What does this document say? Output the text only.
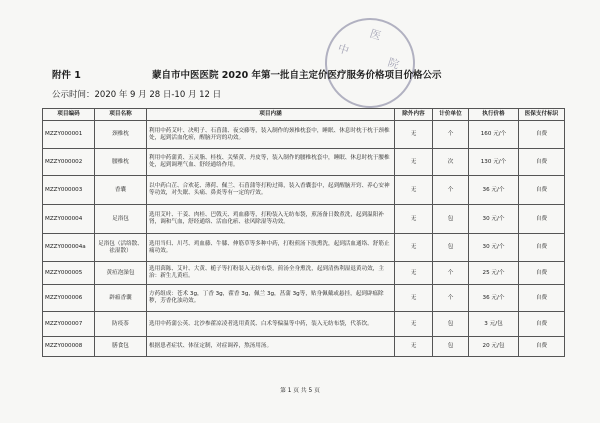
中
医
院
附件 1	蒙自市中医医院 2020 年第一批自主定价医疗服务价格项目价格公示
公示时间：2020 年 9 月 28 日-10 月 12 日
项目编码	项目名称	项目内涵	除外内容	计价单位	执行价格	医保支付标识
MZZY000001	颈椎枕	利用中药艾叶、决明子、石菖蒲、夜交藤等，装入制作的颈椎枕套中，睡眠、休息时枕于枕于颈椎处，起到活血化瘀，醒脑开窍的功效。	无	个	160 元/个	自费
MZZY000002	腰椎枕	利用中药蒲黄、五灵脂、桂枝、关柴黄、丹皮等，装入制作的腰椎枕套中，睡眠、休息时枕于腰椎处，起到调理气血、舒经通络作用。	无	次	130 元/个	自费
MZZY000003	香囊	以中药白芷、合欢花、薄荷、佩兰、石菖蒲等打粉过筛，装入香囊套中，起到醒脑开窍、养心安神等功效，对失眠、头痛、鼻炎等有一定的疗效。	无	个	36 元/个	自费
MZZY000004	足浴包	选用艾叶、干姜、肉桂、巴戟天、鸡血藤等，打粉装入无纺布袋，煎汤备日数煮洗，起到温阳补肾，调和气血，舒经通络、活血化瘀、祛风除湿等功效。	无	包	30 元/个	自费
MZZY000004a	足浴包（活络散、祛湿散）	选用当归、川芎、鸡血藤、牛膝、伸筋草等多种中药，打粉煎汤下肢熏洗，起到活血通络、舒筋止痛功效。	无	包	30 元/个	自费
MZZY000005	黄疸泡澡包	选用茵陈、艾叶、大黄、栀子等打粉装入无纺布袋，煎汤全身熏洗，起到清热利湿退黄功效，主治：新生儿黄疸。	无	个	25 元/个	自费
MZZY000006	辟瘟香囊	方药组成：苍术 3g，丁香 3g，藿香 3g，佩兰 3g，菖蒲 3g等，贴身佩戴或悬挂，起到辟瘟除秽，芳香化浊功效。	无	个	36 元/个	自费
MZZY000007	防疫茶	选用中药蒲公英、北沙参藿凉凌者选用黄芪、白术等偏温等中药，装入无纺布袋，代茶饮。	无	包	3 元/包	自费
MZZY000008	膳食包	根据患者症状、体征定制，对症调养，熬汤用汤。	无	包	20 元/包	自费
第 1 页 共 5 页
